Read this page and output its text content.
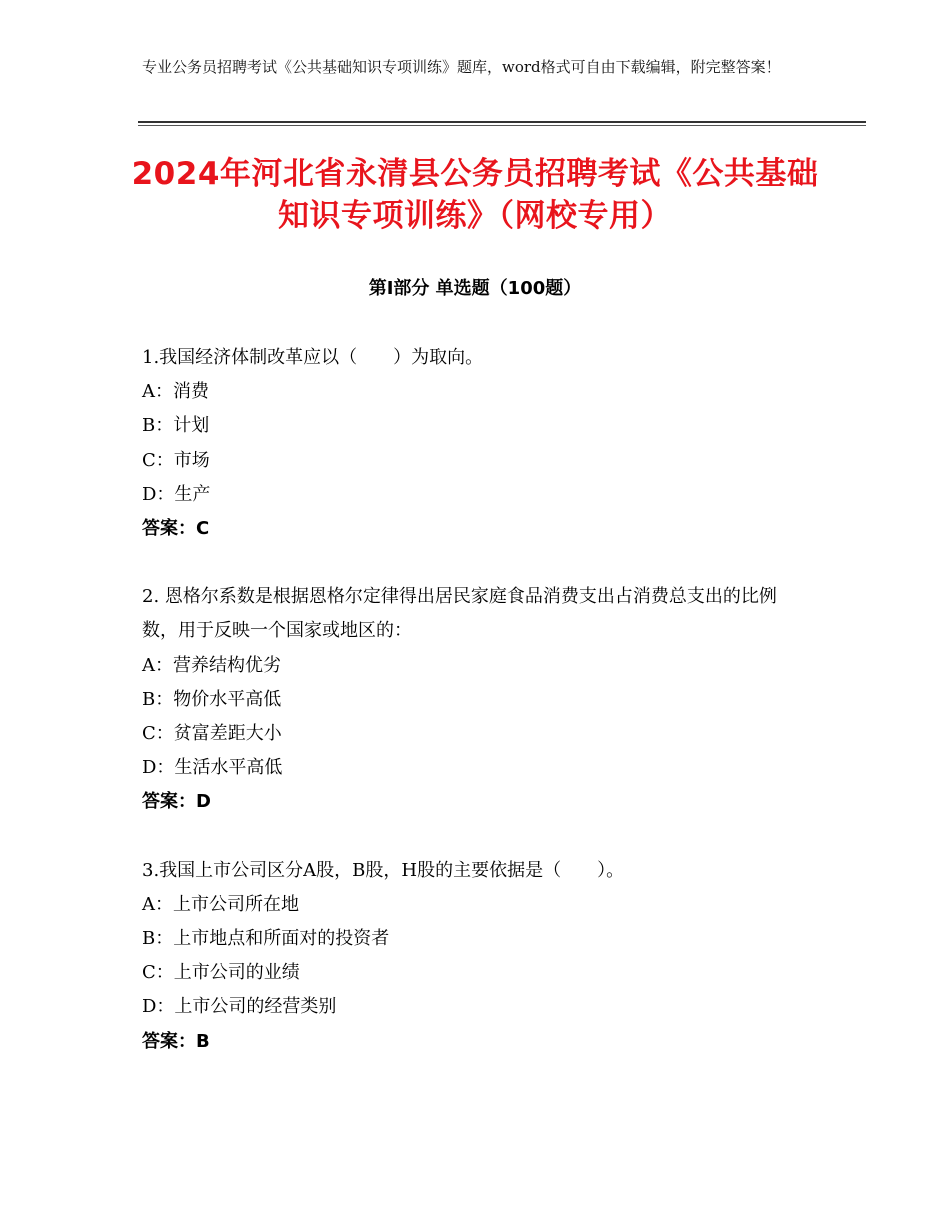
专业公务员招聘考试《公共基础知识专项训练》题库，word格式可自由下载编辑，附完整答案！
2024年河北省永清县公务员招聘考试《公共基础知识专项训练》（网校专用）
第Ⅰ部分 单选题（100题）

1.我国经济体制改革应以（　　）为取向。

A：消费

B：计划

C：市场

D：生产

答案：C

2. 恩格尔系数是根据恩格尔定律得出居民家庭食品消费支出占消费总支出的比例数，用于反映一个国家或地区的：

A：营养结构优劣

B：物价水平高低

C：贫富差距大小

D：生活水平高低

答案：D

3.我国上市公司区分A股，B股，H股的主要依据是（　　）。

A：上市公司所在地

B：上市地点和所面对的投资者

C：上市公司的业绩

D：上市公司的经营类别

答案：B
